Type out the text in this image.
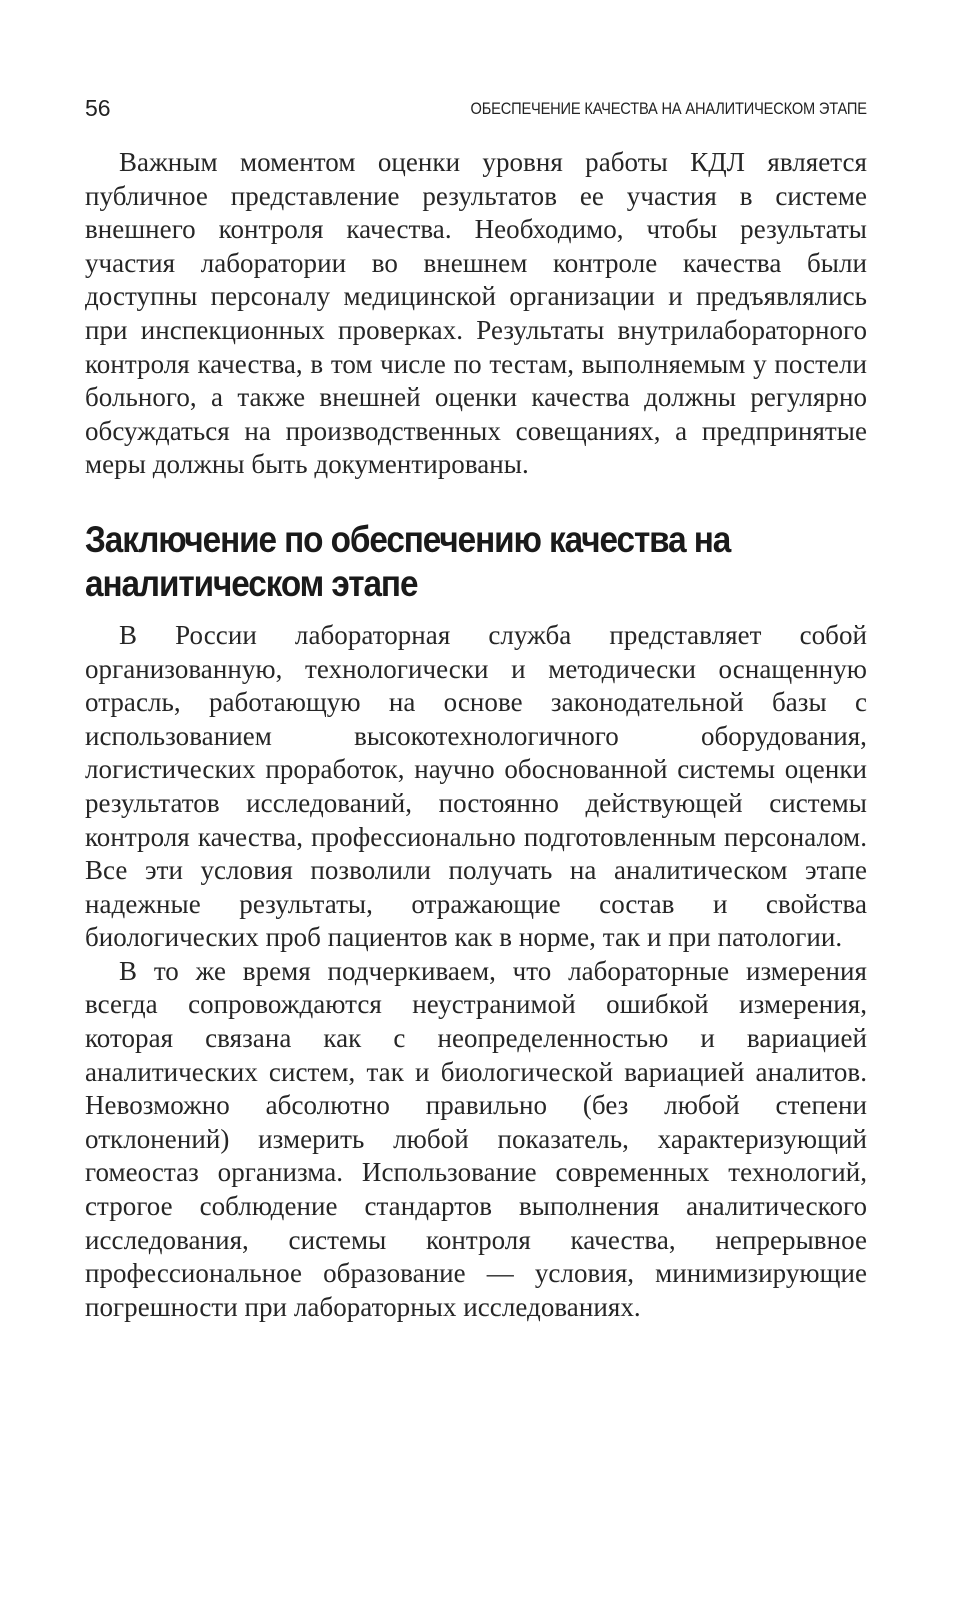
56	ОБЕСПЕЧЕНИЕ КАЧЕСТВА НА АНАЛИТИЧЕСКОМ ЭТАПЕ

Важным моментом оценки уровня работы КДЛ является публичное представление результатов ее участия в системе внешнего контроля качества. Необходимо, чтобы результаты участия лаборатории во внешнем контроле качества были доступны персоналу медицинской организации и предъявлялись при инспекционных проверках. Результаты внутрилабораторного контроля качества, в том числе по тестам, выполняемым у постели больного, а также внешней оценки качества должны регулярно обсуждаться на производственных совещаниях, а предпринятые меры должны быть документированы.

Заключение по обеспечению качества на аналитическом этапе

В России лабораторная служба представляет собой организованную, технологически и методически оснащенную отрасль, работающую на основе законодательной базы с использованием высокотехнологичного оборудования, логистических проработок, научно обоснованной системы оценки результатов исследований, постоянно действующей системы контроля качества, профессионально подготовленным персоналом. Все эти условия позволили получать на аналитическом этапе надежные результаты, отражающие состав и свойства биологических проб пациентов как в норме, так и при патологии.

В то же время подчеркиваем, что лабораторные измерения всегда сопровождаются неустранимой ошибкой измерения, которая связана как с неопределенностью и вариацией аналитических систем, так и биологической вариацией аналитов. Невозможно абсолютно правильно (без любой степени отклонений) измерить любой показатель, характеризующий гомеостаз организма. Использование современных технологий, строгое соблюдение стандартов выполнения аналитического исследования, системы контроля качества, непрерывное профессиональное образование — условия, минимизирующие погрешности при лабораторных исследованиях.
